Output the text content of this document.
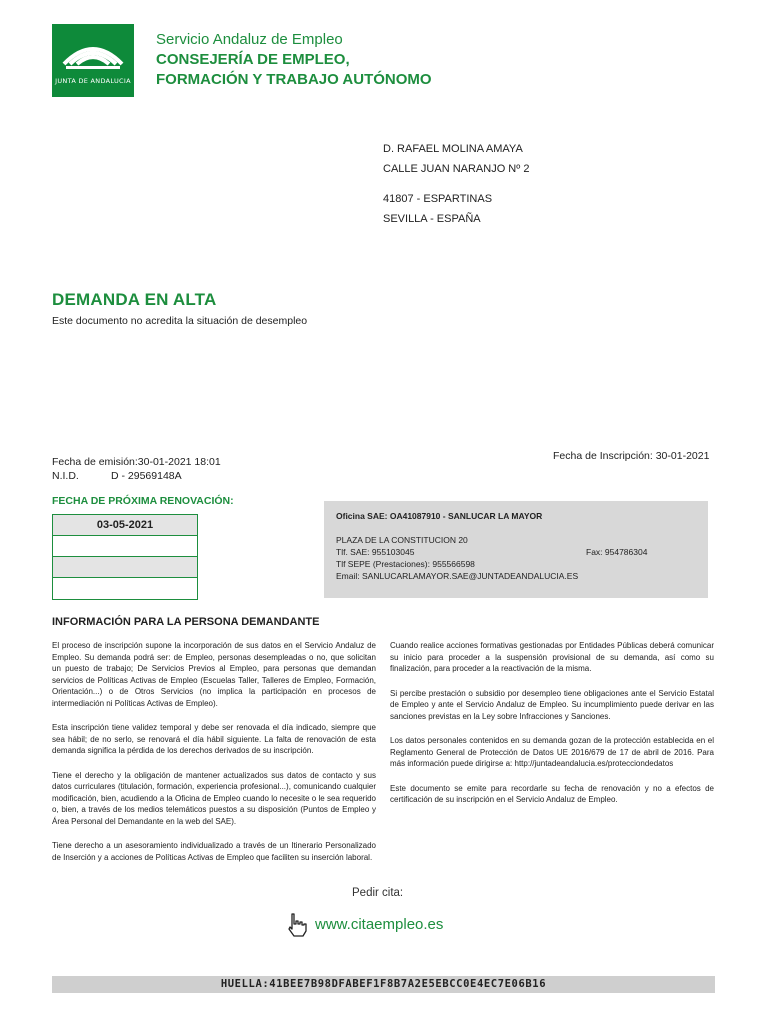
JUNTA DE ANDALUCIA
Servicio Andaluz de Empleo
CONSEJERÍA DE EMPLEO,
FORMACIÓN Y TRABAJO AUTÓNOMO
D. RAFAEL MOLINA AMAYA
CALLE JUAN NARANJO Nº 2
41807 - ESPARTINAS
SEVILLA - ESPAÑA
DEMANDA EN ALTA
Este documento no acredita la situación de desempleo
Fecha de emisión:30-01-2021 18:01
N.I.D.	D - 29569148A
Fecha de Inscripción: 30-01-2021
FECHA DE PRÓXIMA RENOVACIÓN:
03-05-2021
Oficina SAE: OA41087910 - SANLUCAR LA MAYOR
PLAZA DE LA CONSTITUCION 20
Tlf. SAE: 955103045	Fax: 954786304
Tlf SEPE (Prestaciones): 955566598
Email: SANLUCARLAMAYOR.SAE@JUNTADEANDALUCIA.ES
INFORMACIÓN PARA LA PERSONA DEMANDANTE

El proceso de inscripción supone la incorporación de sus datos en el Servicio Andaluz de Empleo. Su demanda podrá ser: de Empleo, personas desempleadas o no, que solicitan un puesto de trabajo; De Servicios Previos al Empleo, para personas que demandan servicios de Políticas Activas de Empleo (Escuelas Taller, Talleres de Empleo, Formación, Orientación...) o de Otros Servicios (no implica la participación en procesos de intermediación ni Políticas Activas de Empleo).

Esta inscripción tiene validez temporal y debe ser renovada el día indicado, siempre que sea hábil; de no serlo, se renovará el día hábil siguiente. La falta de renovación de esta demanda significa la pérdida de los derechos derivados de su inscripción.

Tiene el derecho y la obligación de mantener actualizados sus datos de contacto y sus datos curriculares (titulación, formación, experiencia profesional...), comunicando cualquier modificación, bien, acudiendo a la Oficina de Empleo cuando lo necesite o le sea requerido o, bien, a través de los medios telemáticos puestos a su disposición (Puntos de Empleo y Área Personal del Demandante en la web del SAE).

Tiene derecho a un asesoramiento individualizado a través de un Itinerario Personalizado de Inserción y a acciones de Políticas Activas de Empleo que faciliten su inserción laboral.

Cuando realice acciones formativas gestionadas por Entidades Públicas deberá comunicar su inicio para proceder a la suspensión provisional de su demanda, así como su finalización, para proceder a la reactivación de la misma.

Si percibe prestación o subsidio por desempleo tiene obligaciones ante el Servicio Estatal de Empleo y ante el Servicio Andaluz de Empleo. Su incumplimiento puede derivar en las sanciones previstas en la Ley sobre Infracciones y Sanciones.

Los datos personales contenidos en su demanda gozan de la protección establecida en el Reglamento General de Protección de Datos UE 2016/679 de 17 de abril de 2016. Para más información puede dirigirse a: http://juntadeandalucia.es/protecciondedatos

Este documento se emite para recordarle su fecha de renovación y no a efectos de certificación de su inscripción en el Servicio Andaluz de Empleo.

Pedir cita:
www.citaempleo.es
HUELLA:41BEE7B98DFABEF1F8B7A2E5EBCC0E4EC7E06B16
